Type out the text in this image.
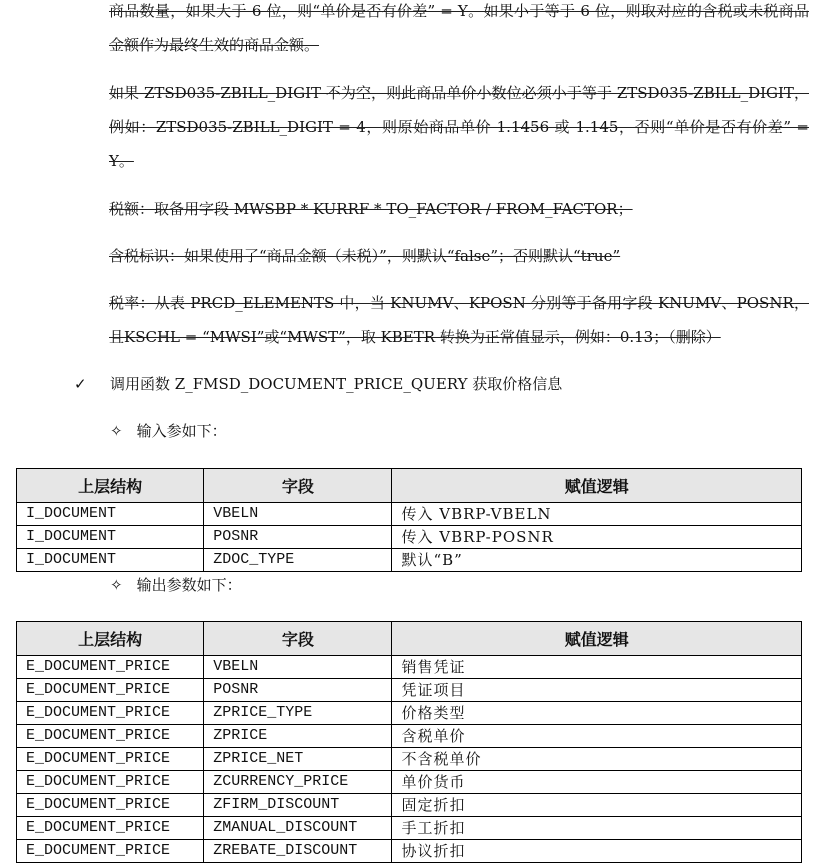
商品数量，如果大于 6 位，则“单价是否有价差” = Y。如果小于等于 6 位，则取对应的含税或未税商品金额作为最终生效的商品金额。

如果 ZTSD035-ZBILL_DIGIT 不为空，则此商品单价小数位必须小于等于 ZTSD035-ZBILL_DIGIT，例如：ZTSD035-ZBILL_DIGIT = 4，则原始商品单价 1.1456 或 1.145，否则“单价是否有价差” = Y。

税额：取备用字段 MWSBP * KURRF * TO_FACTOR / FROM_FACTOR；

含税标识：如果使用了“商品金额（未税）”，则默认“false”；否则默认“true”

税率：从表 PRCD_ELEMENTS 中，当 KNUMV、KPOSN 分别等于备用字段 KNUMV、POSNR，且KSCHL = “MWSI”或“MWST”，取 KBETR 转换为正常值显示，例如：0.13；（删除）

✓ 调用函数 Z_FMSD_DOCUMENT_PRICE_QUERY 获取价格信息
✧ 输入参如下：
上层结构	字段	赋值逻辑
I_DOCUMENT	VBELN	传入 VBRP-VBELN
I_DOCUMENT	POSNR	传入 VBRP-POSNR
I_DOCUMENT	ZDOC_TYPE	默认“B”
✧ 输出参数如下：
上层结构	字段	赋值逻辑
E_DOCUMENT_PRICE	VBELN	销售凭证
E_DOCUMENT_PRICE	POSNR	凭证项目
E_DOCUMENT_PRICE	ZPRICE_TYPE	价格类型
E_DOCUMENT_PRICE	ZPRICE	含税单价
E_DOCUMENT_PRICE	ZPRICE_NET	不含税单价
E_DOCUMENT_PRICE	ZCURRENCY_PRICE	单价货币
E_DOCUMENT_PRICE	ZFIRM_DISCOUNT	固定折扣
E_DOCUMENT_PRICE	ZMANUAL_DISCOUNT	手工折扣
E_DOCUMENT_PRICE	ZREBATE_DISCOUNT	协议折扣
